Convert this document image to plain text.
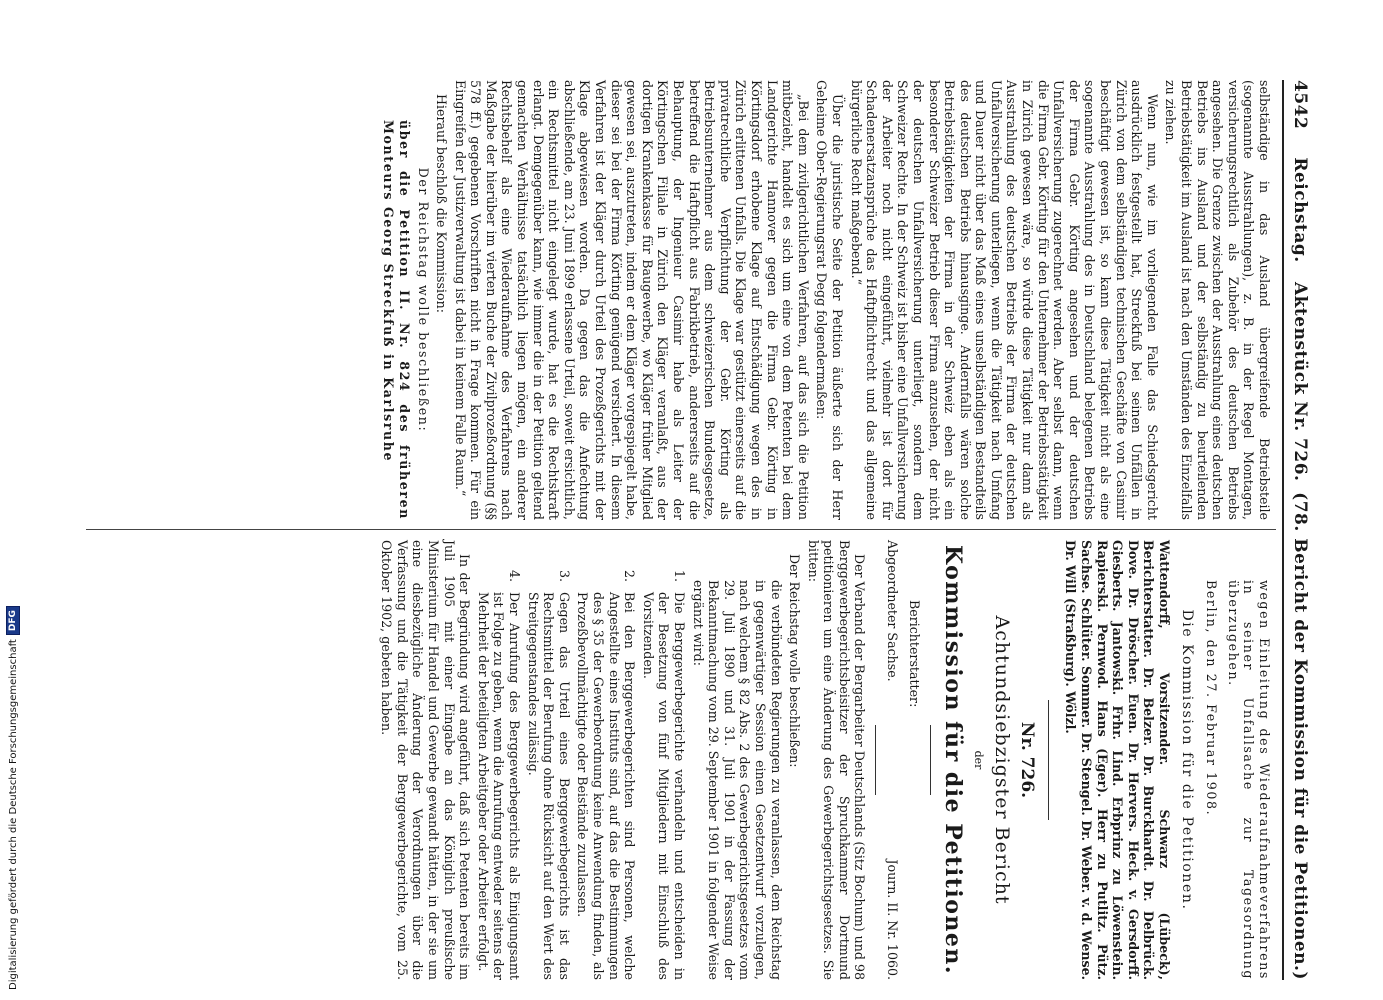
Digitalisierung gefördert durch die Deutsche Forschungsgemeinschaft
DFG
4542
Reichstag.   Aktenstück Nr. 726.
(78. Bericht der Kommission für die Petitionen.)

selbständige in das Ausland übergreifende Betriebsteile (sogenannte Ausstrahlungen), z. B. in der Regel Montagen, versicherungsrechtlich als Zubehör des deutschen Betriebs angesehen. Die Grenze zwischen der Ausstrahlung eines deutschen Betriebs ins Ausland und der selbständig zu beurteilenden Betriebstätigkeit im Ausland ist nach den Umständen des Einzelfalls zu ziehen.

Wenn nun, wie im vorliegenden Falle das Schiedsgericht ausdrücklich festgestellt hat, Streckfuß bei seinen Unfällen in Zürich von dem selbständigen technischen Geschäfte von Casimir beschäftigt gewesen ist, so kann diese Tätigkeit nicht als eine sogenannte Ausstrahlung des in Deutschland belegenen Betriebs der Firma Gebr. Körting angesehen und der deutschen Unfallversicherung zugerechnet werden. Aber selbst dann, wenn die Firma Gebr. Körting für den Unternehmer der Betriebsstätigkeit in Zürich gewesen wäre, so würde diese Tätigkeit nur dann als Ausstrahlung des deutschen Betriebs der Firma der deutschen Unfallversicherung unterliegen, wenn die Tätigkeit nach Umfang und Dauer nicht über das Maß eines unselbständigen Bestandteils des deutschen Betriebs hinausginge. Andernfalls wären solche Betriebstätigkeiten der Firma in der Schweiz eben als ein besonderer Schweizer Betrieb dieser Firma anzusehen, der nicht der deutschen Unfallversicherung unterliegt, sondern dem Schweizer Rechte. In der Schweiz ist bisher eine Unfallversicherung der Arbeiter noch nicht eingeführt, vielmehr ist dort für Schadenersatzansprüche das Haftpflichtrecht und das allgemeine bürgerliche Recht maßgebend.“

Über die juristische Seite der Petition äußerte sich der Herr Geheime Ober-Regierungsrat Degg folgendermaßen:

„Bei dem zivilgerichtlichen Verfahren, auf das sich die Petition mitbezieht, handelt es sich um eine von dem Petenten bei dem Landgerichte Hannover gegen die Firma Gebr. Körting in Körtingsdorf erhobene Klage auf Entschädigung wegen des in Zürich erlittenen Unfalls. Die Klage war gestützt einerseits auf die privatrechtliche Verpflichtung der Gebr. Körting als Betriebsunternehmer aus dem schweizerischen Bundesgesetze, betreffend die Haftpflicht aus Fabrikbetrieb, andererseits auf die Behauptung, der Ingenieur Casimir habe als Leiter der Körtingschen Filiale in Zürich den Kläger veranlaßt, aus der dortigen Krankenkasse für Baugewerbe, wo Kläger früher Mitglied gewesen sei, auszutreten, indem er dem Kläger vorgespiegelt habe, dieser sei bei der Firma Körting genügend versichert. In diesem Verfahren ist der Kläger durch Urteil des Prozeßgerichts mit der Klage abgewiesen worden. Da gegen das die Anfechtung abschließende, am 23. Juni 1899 erlassene Urteil, soweit ersichtlich, ein Rechtsmittel nicht eingelegt wurde, hat es die Rechtskraft erlangt. Demgegenüber kann, wie immer die in der Petition geltend gemachten Verhältnisse tatsächlich liegen mögen, ein anderer Rechtsbehelf als eine Wiederaufnahme des Verfahrens nach Maßgabe der hierüber im vierten Buche der Zivilprozeßordnung (§§ 578 ff.) gegebenen Vorschriften nicht in Frage kommen. Für ein Eingreifen der Justizverwaltung ist dabei in keinem Falle Raum.“

Hierauf beschloß die Kommission:

Der Reichstag wolle beschließen:

über die Petition II. Nr. 824 des früheren Monteurs Georg Streckfuß in Karlsruhe

wegen Einleitung des Wiederaufnahmeverfahrens in seiner Unfallsache zur Tagesordnung überzugehen.

Berlin, den 27. Februar 1908.

Die Kommission für die Petitionen.

Wattendorff, Vorsitzender. Schwarz (Lübeck), Berichterstatter. Dr. Belzer. Dr. Burckhardt. Dr. Delbrück. Dove. Dr. Dröscher. Euen. Dr. Hervers. Heck. v. Gersdorff. Giesberts. Jantowski. Frhr. Lind. Erbprinz zu Löwenstein. Rapierski. Pernwod. Hans (Eger). Herr zu Putlitz. Pütz. Sachse. Schlüter. Sommer. Dr. Stengel. Dr. Weber. v. d. Wense. Dr. Will (Straßburg). Wölzl.

Nr. 726.
Achtundsiebzigster Bericht
der
Kommission für die Petitionen.

Berichterstatter:

Abgeordneter Sachse.
Journ. II. Nr. 1060.

Der Verband der Bergarbeiter Deutschlands (Sitz Bochum) und 98 Berggewerbegerichtsbeisitzer der Spruchkammer Dortmund petitionieren um eine Änderung des Gewerbegerichtsgesetzes. Sie bitten:

Der Reichstag wolle beschließen:

die verbündeten Regierungen zu veranlassen, dem Reichstag in gegenwärtiger Session einen Gesetzentwurf vorzulegen, nach welchem § 82 Abs. 2 des Gewerbegerichtsgesetzes vom 29. Juli 1890 und 31. Juli 1901 in der Fassung der Bekanntmachung vom 29. September 1901 in folgender Weise ergänzt wird:

1.
Die Berggewerbegerichte verhandeln und entscheiden in der Besetzung von fünf Mitgliedern mit Einschluß des Vorsitzenden.
2.
Bei den Berggewerbegerichten sind Personen, welche Angestellte eines Instituts sind, auf das die Bestimmungen des § 35 der Gewerbeordnung keine Anwendung finden, als Prozeßbevollmächtigte oder Beistände zuzulassen.
3.
Gegen das Urteil eines Berggewerbegerichts ist das Rechtsmittel der Berufung ohne Rücksicht auf den Wert des Streitgegenstandes zulässig.
4.
Der Anrufung des Berggewerbegerichts als Einigungsamt ist Folge zu geben, wenn die Anrufung entweder seitens der Mehrheit der beteiligten Arbeitgeber oder Arbeiter erfolgt.

In der Begründung wird angeführt, daß sich Petenten bereits im Juli 1905 mit einer Eingabe an das Königlich preußische Ministerium für Handel und Gewerbe gewandt hätten, in der sie um eine diesbezügliche Änderung der Verordnungen über die Verfassung und die Tätigkeit der Berggewerbegerichte, vom 25. Oktober 1902, gebeten haben.
